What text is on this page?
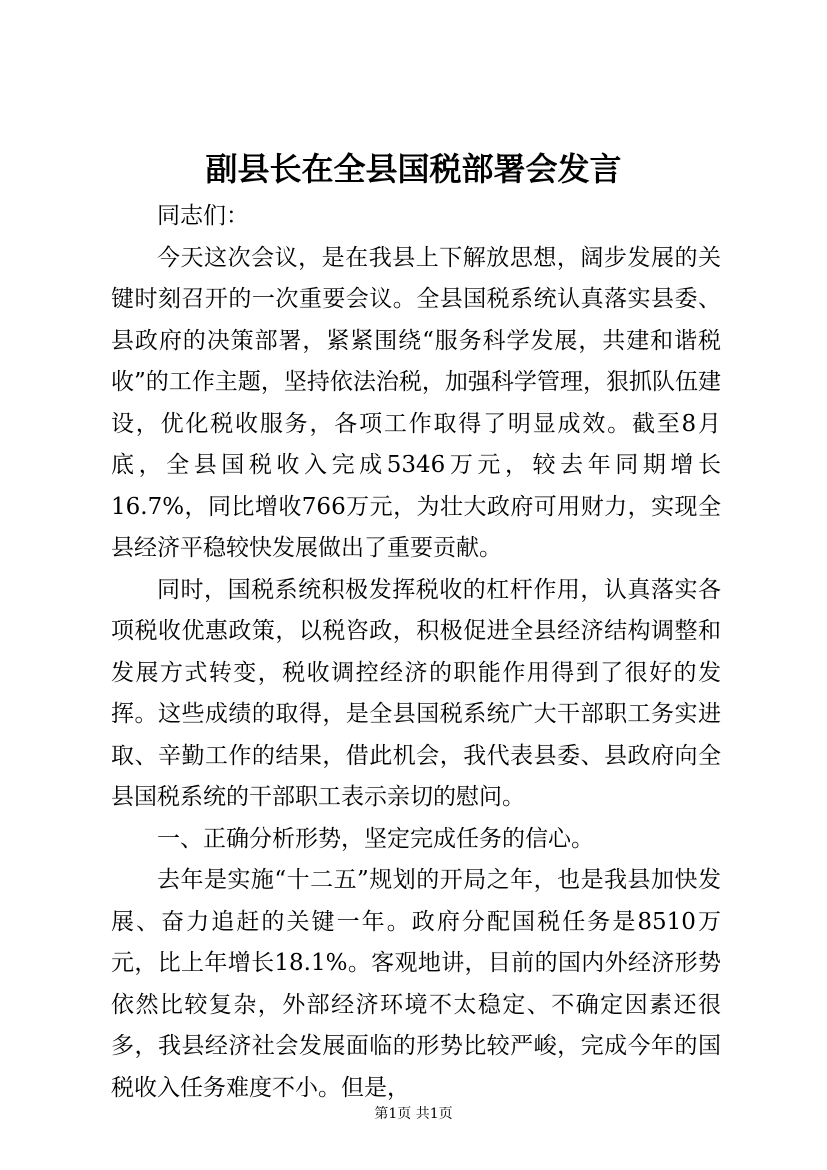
副县长在全县国税部署会发言

同志们：

今天这次会议，是在我县上下解放思想，阔步发展的关键时刻召开的一次重要会议。全县国税系统认真落实县委、县政府的决策部署，紧紧围绕“服务科学发展，共建和谐税收”的工作主题，坚持依法治税，加强科学管理，狠抓队伍建设，优化税收服务，各项工作取得了明显成效。截至8月底，全县国税收入完成5346万元，较去年同期增长16.7%，同比增收766万元，为壮大政府可用财力，实现全县经济平稳较快发展做出了重要贡献。

同时，国税系统积极发挥税收的杠杆作用，认真落实各项税收优惠政策，以税咨政，积极促进全县经济结构调整和发展方式转变，税收调控经济的职能作用得到了很好的发挥。这些成绩的取得，是全县国税系统广大干部职工务实进取、辛勤工作的结果，借此机会，我代表县委、县政府向全县国税系统的干部职工表示亲切的慰问。

一、正确分析形势，坚定完成任务的信心。

去年是实施“十二五”规划的开局之年，也是我县加快发展、奋力追赶的关键一年。政府分配国税任务是8510万元，比上年增长18.1%。客观地讲，目前的国内外经济形势依然比较复杂，外部经济环境不太稳定、不确定因素还很多，我县经济社会发展面临的形势比较严峻，完成今年的国税收入任务难度不小。但是，

第1页 共1页
